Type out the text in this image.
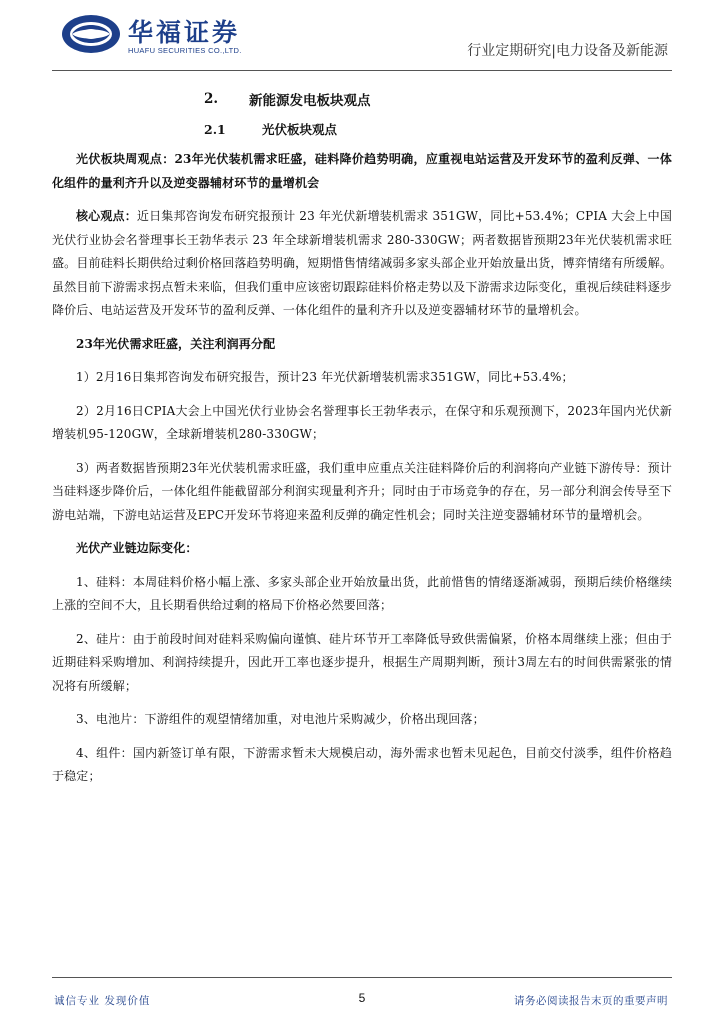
华福证券
HUAFU SECURITIES CO.,LTD.	行业定期研究|电力设备及新能源
2.	新能源发电板块观点
2.1	光伏板块观点

光伏板块周观点：23年光伏装机需求旺盛，硅料降价趋势明确，应重视电站运营及开发环节的盈利反弹、一体化组件的量利齐升以及逆变器辅材环节的量增机会

核心观点：近日集邦咨询发布研究报预计 23 年光伏新增装机需求 351GW，同比+53.4%；CPIA 大会上中国光伏行业协会名誉理事长王勃华表示 23 年全球新增装机需求 280-330GW；两者数据皆预期23年光伏装机需求旺盛。目前硅料长期供给过剩价格回落趋势明确，短期惜售情绪减弱多家头部企业开始放量出货，博弈情绪有所缓解。虽然目前下游需求拐点暂未来临，但我们重申应该密切跟踪硅料价格走势以及下游需求边际变化，重视后续硅料逐步降价后、电站运营及开发环节的盈利反弹、一体化组件的量利齐升以及逆变器辅材环节的量增机会。

23年光伏需求旺盛，关注利润再分配

1）2月16日集邦咨询发布研究报告，预计23 年光伏新增装机需求351GW，同比+53.4%；

2）2月16日CPIA大会上中国光伏行业协会名誉理事长王勃华表示，在保守和乐观预测下，2023年国内光伏新增装机95-120GW，全球新增装机280-330GW；

3）两者数据皆预期23年光伏装机需求旺盛，我们重申应重点关注硅料降价后的利润将向产业链下游传导：预计当硅料逐步降价后，一体化组件能截留部分利润实现量利齐升；同时由于市场竞争的存在，另一部分利润会传导至下游电站端，下游电站运营及EPC开发环节将迎来盈利反弹的确定性机会；同时关注逆变器辅材环节的量增机会。

光伏产业链边际变化：

1、硅料：本周硅料价格小幅上涨、多家头部企业开始放量出货，此前惜售的情绪逐渐减弱，预期后续价格继续上涨的空间不大，且长期看供给过剩的格局下价格必然要回落；

2、硅片：由于前段时间对硅料采购偏向谨慎、硅片环节开工率降低导致供需偏紧，价格本周继续上涨；但由于近期硅料采购增加、利润持续提升，因此开工率也逐步提升，根据生产周期判断，预计3周左右的时间供需紧张的情况将有所缓解；

3、电池片：下游组件的观望情绪加重，对电池片采购减少，价格出现回落；

4、组件：国内新签订单有限，下游需求暂未大规模启动，海外需求也暂未见起色，目前交付淡季，组件价格趋于稳定；

诚信专业 发现价值	5	请务必阅读报告末页的重要声明
